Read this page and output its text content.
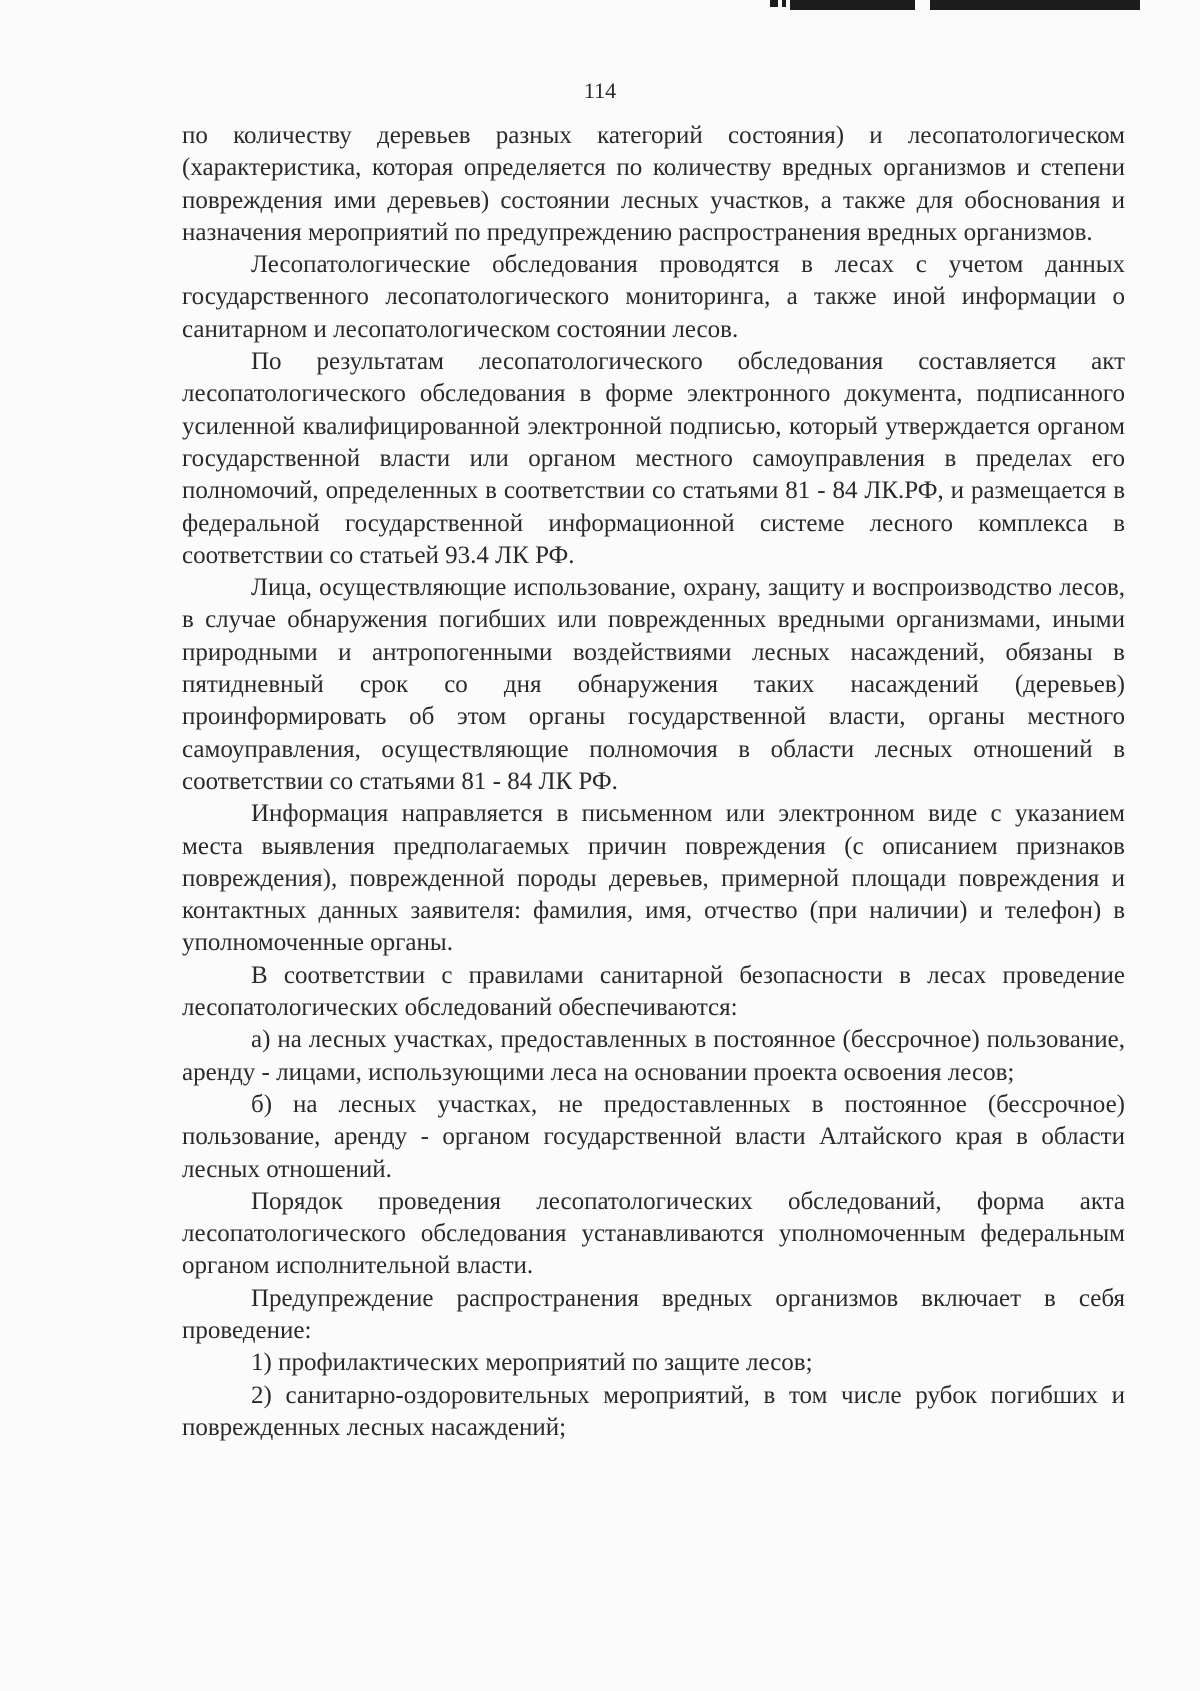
114

по количеству деревьев разных категорий состояния) и лесопатологическом (характеристика, которая определяется по количеству вредных организмов и степени повреждения ими деревьев) состоянии лесных участков, а также для обоснования и назначения мероприятий по предупреждению распространения вредных организмов.

Лесопатологические обследования проводятся в лесах с учетом данных государственного лесопатологического мониторинга, а также иной информации о санитарном и лесопатологическом состоянии лесов.

По результатам лесопатологического обследования составляется акт лесопатологического обследования в форме электронного документа, подписанного усиленной квалифицированной электронной подписью, который утверждается органом государственной власти или органом местного самоуправления в пределах его полномочий, определенных в соответствии со статьями 81 - 84 ЛК.РФ, и размещается в федеральной государственной информационной системе лесного комплекса в соответствии со статьей 93.4 ЛК РФ.

Лица, осуществляющие использование, охрану, защиту и воспроизводство лесов, в случае обнаружения погибших или поврежденных вредными организмами, иными природными и антропогенными воздействиями лесных насаждений, обязаны в пятидневный срок со дня обнаружения таких насаждений (деревьев) проинформировать об этом органы государственной власти, органы местного самоуправления, осуществляющие полномочия в области лесных отношений в соответствии со статьями 81 - 84 ЛК РФ.

Информация направляется в письменном или электронном виде с указанием места выявления предполагаемых причин повреждения (с описанием признаков повреждения), поврежденной породы деревьев, примерной площади повреждения и контактных данных заявителя: фамилия, имя, отчество (при наличии) и телефон) в уполномоченные органы.

В соответствии с правилами санитарной безопасности в лесах проведение лесопатологических обследований обеспечиваются:

а) на лесных участках, предоставленных в постоянное (бессрочное) пользование, аренду - лицами, использующими леса на основании проекта освоения лесов;

б) на лесных участках, не предоставленных в постоянное (бессрочное) пользование, аренду - органом государственной власти Алтайского края в области лесных отношений.

Порядок проведения лесопатологических обследований, форма акта лесопатологического обследования устанавливаются уполномоченным федеральным органом исполнительной власти.

Предупреждение распространения вредных организмов включает в себя проведение:

1) профилактических мероприятий по защите лесов;

2) санитарно-оздоровительных мероприятий, в том числе рубок погибших и поврежденных лесных насаждений;
